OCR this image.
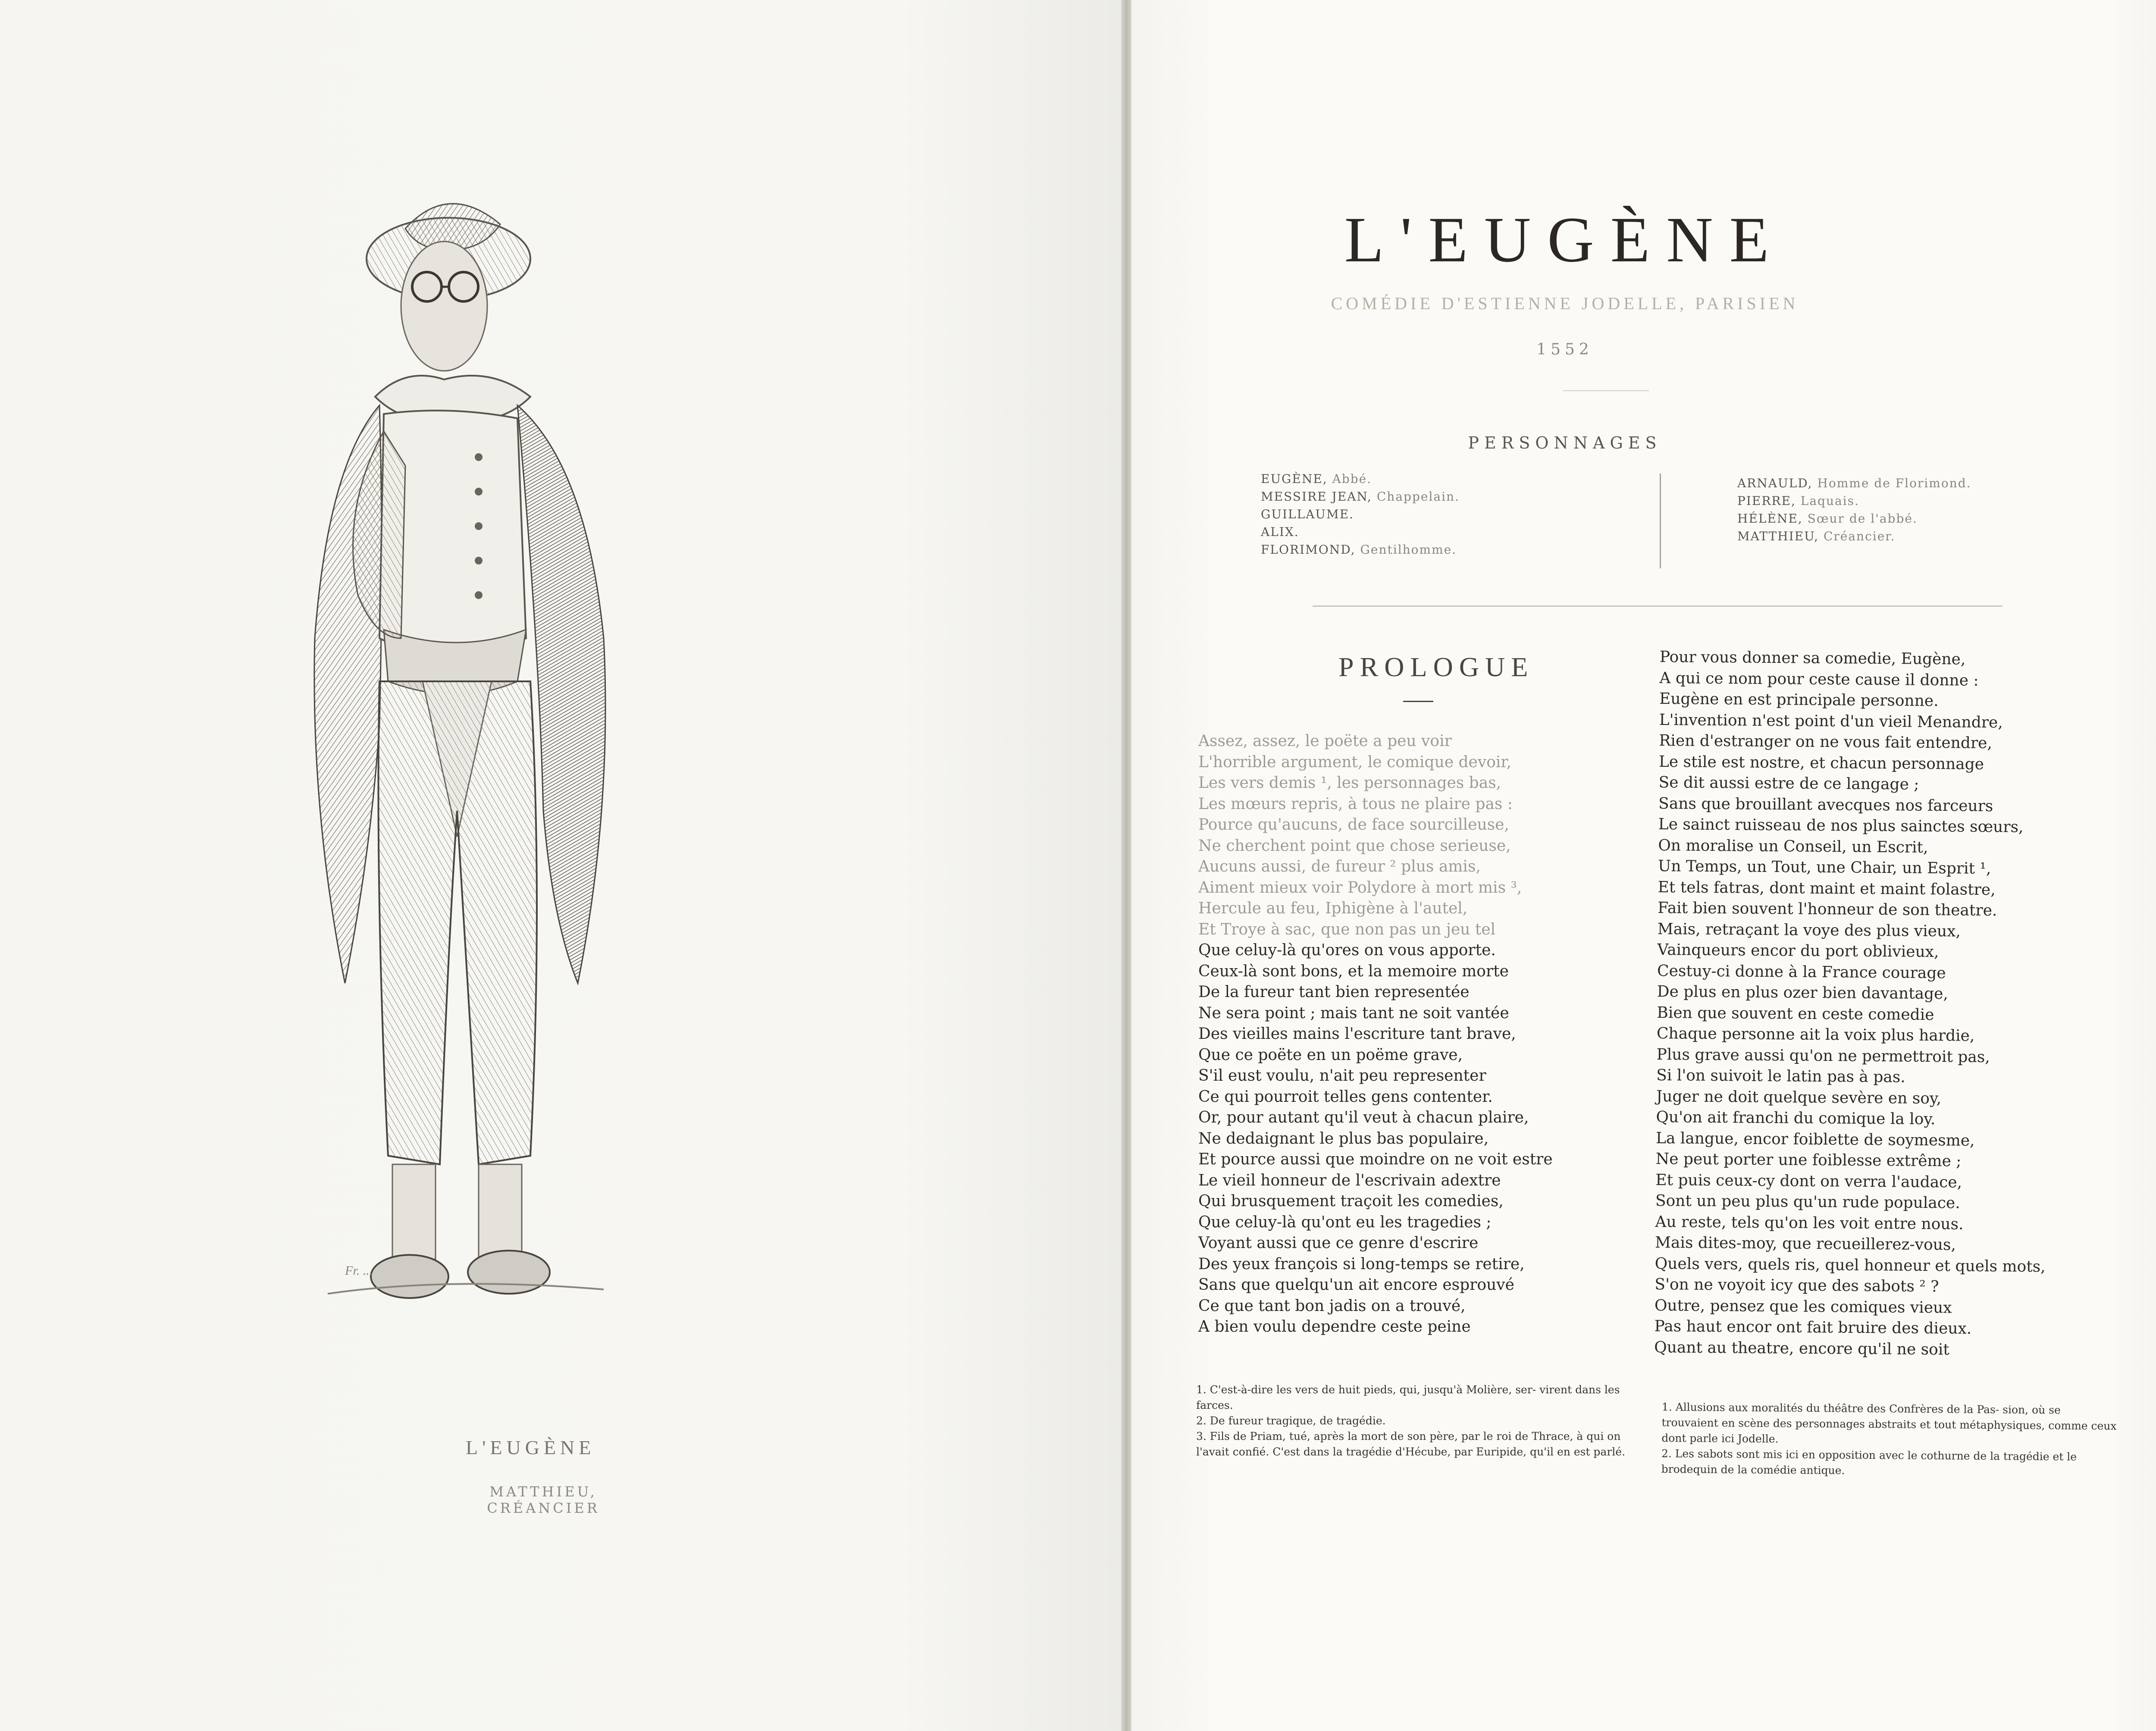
Fr. ...
L'EUGÈNE
MATTHIEU, CRÉANCIER
L'EUGÈNE
COMÉDIE D'ESTIENNE JODELLE, PARISIEN
1552
PERSONNAGES
EUGÈNE, Abbé.
MESSIRE JEAN, Chappelain.
GUILLAUME.
ALIX.
FLORIMOND, Gentilhomme.
ARNAULD, Homme de Florimond.
PIERRE, Laquais.
HÉLÈNE, Sœur de l'abbé.
MATTHIEU, Créancier.
PROLOGUE
Assez, assez, le poëte a peu voir
L'horrible argument, le comique devoir,
Les vers demis ¹, les personnages bas,
Les mœurs repris, à tous ne plaire pas :
Pource qu'aucuns, de face sourcilleuse,
Ne cherchent point que chose serieuse,
Aucuns aussi, de fureur ² plus amis,
Aiment mieux voir Polydore à mort mis ³,
Hercule au feu, Iphigène à l'autel,
Et Troye à sac, que non pas un jeu tel
Que celuy-là qu'ores on vous apporte.
Ceux-là sont bons, et la memoire morte
De la fureur tant bien representée
Ne sera point ; mais tant ne soit vantée
Des vieilles mains l'escriture tant brave,
Que ce poëte en un poëme grave,
S'il eust voulu, n'ait peu representer
Ce qui pourroit telles gens contenter.
Or, pour autant qu'il veut à chacun plaire,
Ne dedaignant le plus bas populaire,
Et pource aussi que moindre on ne voit estre
Le vieil honneur de l'escrivain adextre
Qui brusquement traçoit les comedies,
Que celuy-là qu'ont eu les tragedies ;
Voyant aussi que ce genre d'escrire
Des yeux françois si long-temps se retire,
Sans que quelqu'un ait encore esprouvé
Ce que tant bon jadis on a trouvé,
A bien voulu dependre ceste peine
Pour vous donner sa comedie, Eugène,
A qui ce nom pour ceste cause il donne :
Eugène en est principale personne.
L'invention n'est point d'un vieil Menandre,
Rien d'estranger on ne vous fait entendre,
Le stile est nostre, et chacun personnage
Se dit aussi estre de ce langage ;
Sans que brouillant avecques nos farceurs
Le sainct ruisseau de nos plus sainctes sœurs,
On moralise un Conseil, un Escrit,
Un Temps, un Tout, une Chair, un Esprit ¹,
Et tels fatras, dont maint et maint folastre,
Fait bien souvent l'honneur de son theatre.
Mais, retraçant la voye des plus vieux,
Vainqueurs encor du port oblivieux,
Cestuy-ci donne à la France courage
De plus en plus ozer bien davantage,
Bien que souvent en ceste comedie
Chaque personne ait la voix plus hardie,
Plus grave aussi qu'on ne permettroit pas,
Si l'on suivoit le latin pas à pas.
Juger ne doit quelque sevère en soy,
Qu'on ait franchi du comique la loy.
La langue, encor foiblette de soymesme,
Ne peut porter une foiblesse extrême ;
Et puis ceux-cy dont on verra l'audace,
Sont un peu plus qu'un rude populace.
Au reste, tels qu'on les voit entre nous.
Mais dites-moy, que recueillerez-vous,
Quels vers, quels ris, quel honneur et quels mots,
S'on ne voyoit icy que des sabots ² ?
Outre, pensez que les comiques vieux
Pas haut encor ont fait bruire des dieux.
Quant au theatre, encore qu'il ne soit

1. C'est-à-dire les vers de huit pieds, qui, jusqu'à Molière, ser- virent dans les farces.

2. De fureur tragique, de tragédie.

3. Fils de Priam, tué, après la mort de son père, par le roi de Thrace, à qui on l'avait confié. C'est dans la tragédie d'Hécube, par Euripide, qu'il en est parlé.

1. Allusions aux moralités du théâtre des Confrères de la Pas- sion, où se trouvaient en scène des personnages abstraits et tout métaphysiques, comme ceux dont parle ici Jodelle.

2. Les sabots sont mis ici en opposition avec le cothurne de la tragédie et le brodequin de la comédie antique.
